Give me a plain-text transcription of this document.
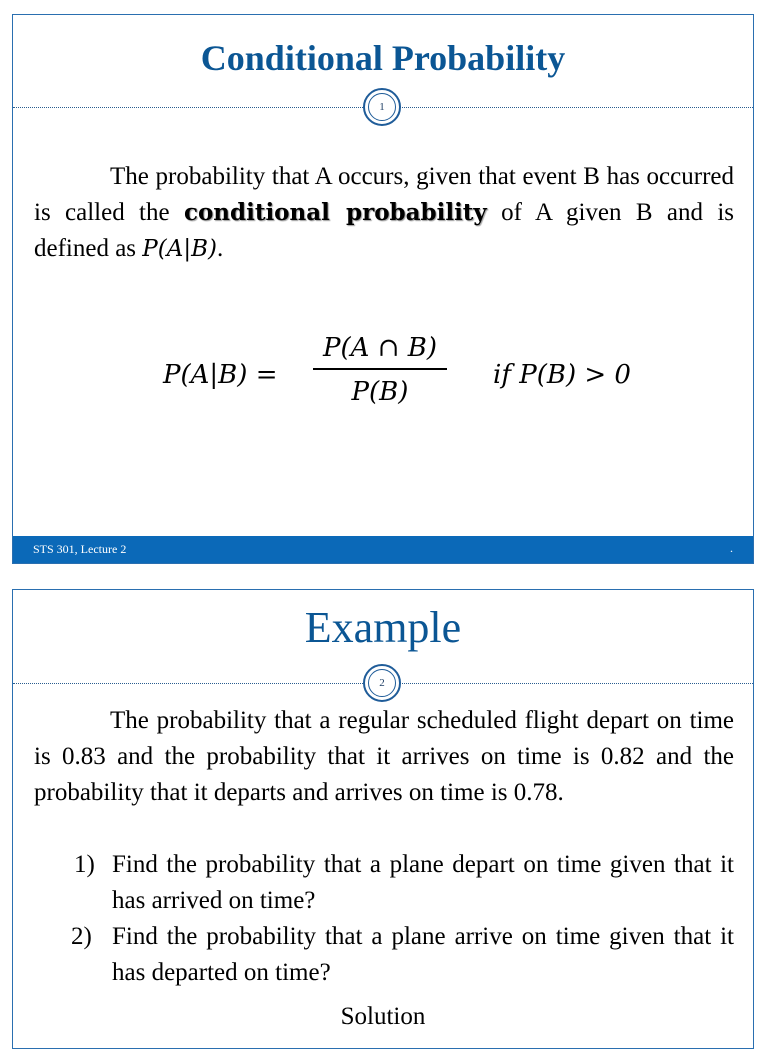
Conditional Probability
1
The probability that A occurs, given that event B has occurred is called the conditional probability of A given B and is defined as P(A|B).
P(A|B) =
P(A ∩ B)
P(B)
if P(B) > 0
STS 301, Lecture 2	.
Example
2
The probability that a regular scheduled flight depart on time is 0.83 and the probability that it arrives on time is 0.82 and the probability that it departs and arrives on time is 0.78.
1) Find the probability that a plane depart on time given that it has arrived on time?
2) Find the probability that a plane arrive on time given that it has departed on time?
Solution
